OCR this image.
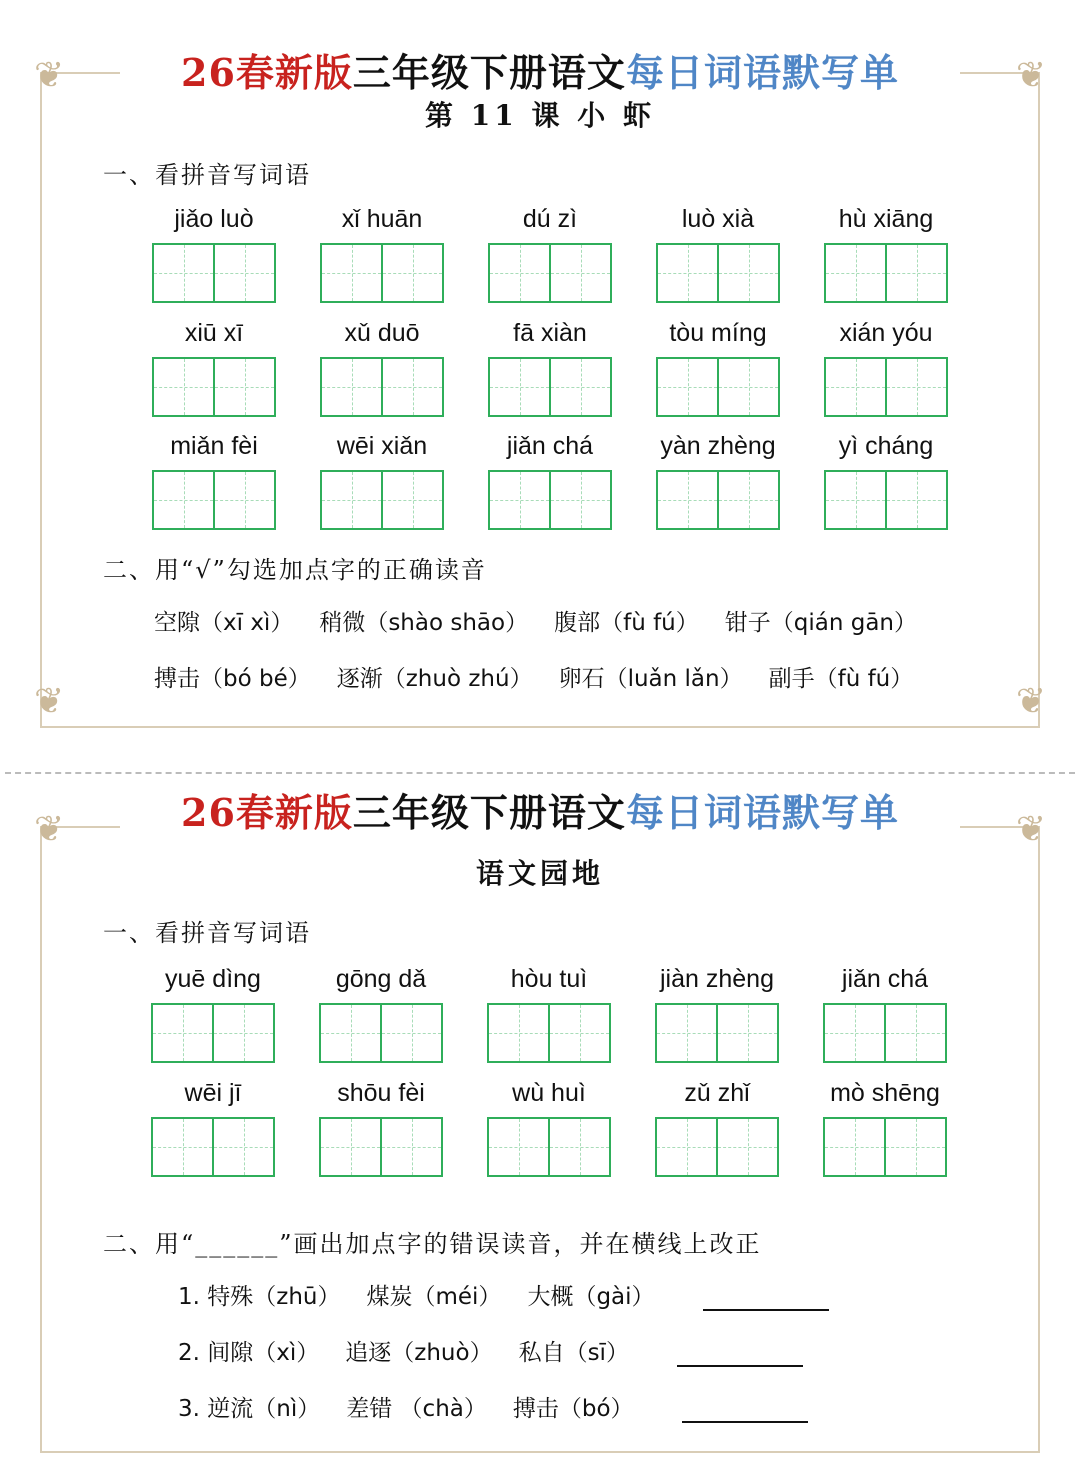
❦	❦
❦	❦
26春新版三年级下册语文每日词语默写单
第 11 课 小 虾
一、看拼音写词语
jiǎo luò	xǐ huān	dú zì	luò xià	hù xiāng
xiū xī	xǔ duō	fā xiàn	tòu míng	xián yóu
miǎn fèi	wēi xiǎn	jiǎn chá	yàn zhèng	yì cháng
二、用“√”勾选加点字的正确读音
空隙（xī xì） 稍微（shào shāo） 腹部（fù fú） 钳子（qián gān）
搏击（bó bé） 逐渐（zhuò zhú） 卵石（luǎn lǎn） 副手（fù fú）
❦	❦
26春新版三年级下册语文每日词语默写单
语文园地
一、看拼音写词语
yuē dìng	gōng dǎ	hòu tuì	jiàn zhèng	jiǎn chá
wēi jī	shōu fèi	wù huì	zǔ zhǐ	mò shēng
二、用“______”画出加点字的错误读音，并在横线上改正
1. 特殊（zhū） 煤炭（méi） 大概（gài）
2. 间隙（xì） 追逐（zhuò） 私自（sī）
3. 逆流（nì） 差错 （chà） 搏击（bó）
